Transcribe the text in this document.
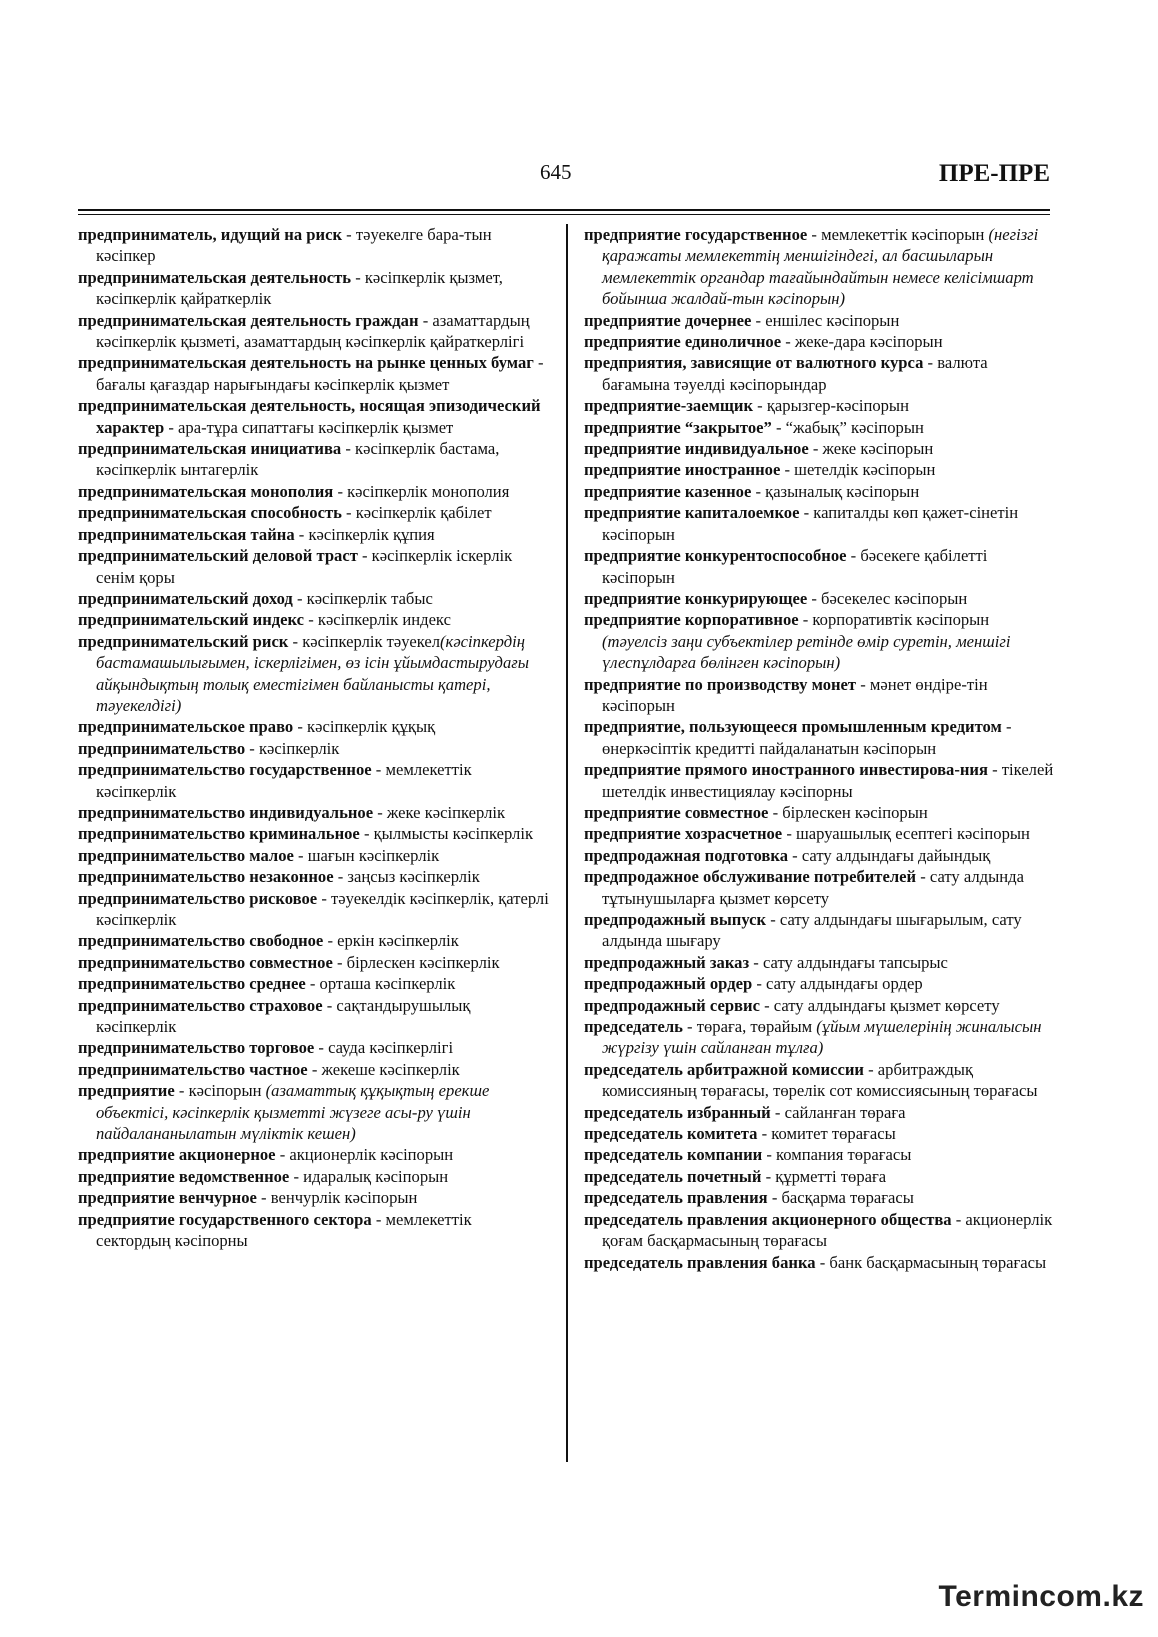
645	ПРЕ-ПРЕ
предприниматель, идущий на риск - тәуекелге бара-тын кәсіпкер
предпринимательская деятельность - кәсіпкерлік қызмет, кәсіпкерлік қайраткерлік
предпринимательская деятельность граждан - азаматтардың кәсіпкерлік қызметі, азаматтардың кәсіпкерлік қайраткерлігі
предпринимательская деятельность на рынке ценных бумаг - бағалы қағаздар нарығындағы кәсіпкерлік қызмет
предпринимательская деятельность, носящая эпизодический характер - ара-тұра сипаттағы кәсіпкерлік қызмет
предпринимательская инициатива - кәсіпкерлік бастама, кәсіпкерлік ынтагерлік
предпринимательская монополия - кәсіпкерлік монополия
предпринимательская способность - кәсіпкерлік қабілет
предпринимательская тайна - кәсіпкерлік құпия
предпринимательский деловой траст - кәсіпкерлік іскерлік сенім қоры
предпринимательский доход - кәсіпкерлік табыс
предпринимательский индекс - кәсіпкерлік индекс
предпринимательский риск - кәсіпкерлік тәуекел(кәсіпкердің бастамашылығымен, іскерлігімен, өз ісін ұйымдастырудағы айқындықтың толық еместігімен байланысты қатері, тәуекелдігі)
предпринимательское право - кәсіпкерлік құқық
предпринимательство - кәсіпкерлік
предпринимательство государственное - мемлекеттік кәсіпкерлік
предпринимательство индивидуальное - жеке кәсіпкерлік
предпринимательство криминальное - қылмысты кәсіпкерлік
предпринимательство малое - шағын кәсіпкерлік
предпринимательство незаконное - заңсыз кәсіпкерлік
предпринимательство рисковое - тәуекелдік кәсіпкерлік, қатерлі кәсіпкерлік
предпринимательство свободное - еркін кәсіпкерлік
предпринимательство совместное - бірлескен кәсіпкерлік
предпринимательство среднее - орташа кәсіпкерлік
предпринимательство страховое - сақтандырушылық кәсіпкерлік
предпринимательство торговое - сауда кәсіпкерлігі
предпринимательство частное - жекеше кәсіпкерлік
предприятие - кәсіпорын (азаматтық құқықтың ерекше объектісі, кәсіпкерлік қызметті жүзеге асы-ру үшін пайдалананылатын мүліктік кешен)
предприятие акционерное - акционерлік кәсіпорын
предприятие ведомственное - идаралық кәсіпорын
предприятие венчурное - венчурлік кәсіпорын
предприятие государственного сектора - мемлекеттік сектордың кәсіпорны
предприятие государственное - мемлекеттік кәсіпорын (негізгі қаражаты мемлекеттің меншігіндегі, ал басшыларын мемлекеттік органдар тағайындайтын немесе келісімшарт бойынша жалдай-тын кәсіпорын)
предприятие дочернее - еншілес кәсіпорын
предприятие единоличное - жеке-дара кәсіпорын
предприятия, зависящие от валютного курса - валюта бағамына тәуелді кәсіпорындар
предприятие-заемщик - қарызгер-кәсіпорын
предприятие “закрытое” - “жабық” кәсіпорын
предприятие индивидуальное - жеке кәсіпорын
предприятие иностранное - шетелдік кәсіпорын
предприятие казенное - қазыналық кәсіпорын
предприятие капиталоемкое - капиталды көп қажет-сінетін кәсіпорын
предприятие конкурентоспособное - бәсекеге қабілетті кәсіпорын
предприятие конкурирующее - бәсекелес кәсіпорын
предприятие корпоративное - корпоративтік кәсіпорын (тәуелсіз заңи субъектілер ретінде өмір суретін, меншігі үлеспұлдарға бөлінген кәсіпорын)
предприятие по производству монет - мәнет өндіре-тін кәсіпорын
предприятие, пользующееся промышленным кредитом - өнеркәсіптік кредитті пайдаланатын кәсіпорын
предприятие прямого иностранного инвестирова-ния - тікелей шетелдік инвестициялау кәсіпорны
предприятие совместное - бірлескен кәсіпорын
предприятие хозрасчетное - шаруашылық есептегі кәсіпорын
предпродажная подготовка - сату алдындағы дайындық
предпродажное обслуживание потребителей - сату алдында тұтынушыларға қызмет көрсету
предпродажный выпуск - сату алдындағы шығарылым, сату алдында шығару
предпродажный заказ - сату алдындағы тапсырыс
предпродажный ордер - сату алдындағы ордер
предпродажный сервис - сату алдындағы қызмет көрсету
председатель - төраға, төрайым (ұйым мүшелерінің жиналысын жүргізу үшін сайланған тұлға)
председатель арбитражной комиссии - арбитраждық комиссияның төрағасы, төрелік сот комиссиясының төрағасы
председатель избранный - сайланған төраға
председатель комитета - комитет төрағасы
председатель компании - компания төрағасы
председатель почетный - құрметті төраға
председатель правления - басқарма төрағасы
председатель правления акционерного общества - акционерлік қоғам басқармасының төрағасы
председатель правления банка - банк басқармасының төрағасы
Termincom.kz
